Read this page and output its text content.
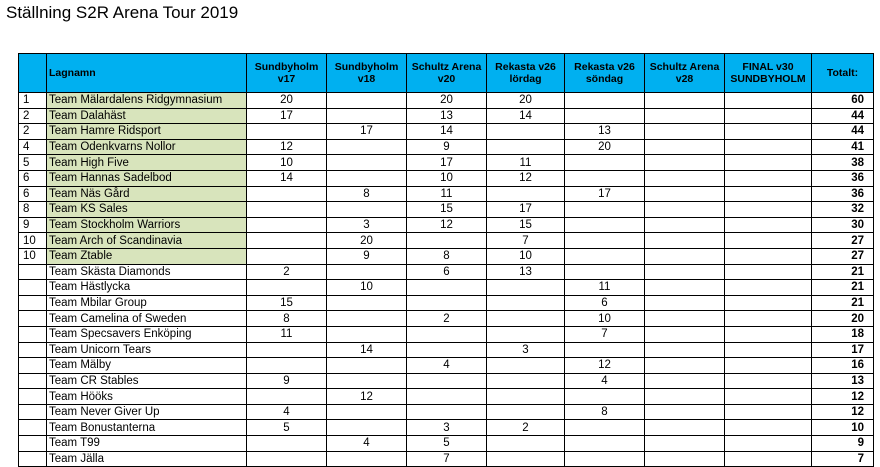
Ställning S2R Arena Tour 2019
	Lagnamn	Sundbyholm v17	Sundbyholm v18	Schultz Arena v20	Rekasta v26 lördag	Rekasta v26 söndag	Schultz Arena v28	FINAL v30 SUNDBYHOLM	Totalt:
1	Team Mälardalens Ridgymnasium	20		20	20				60
2	Team Dalahäst	17		13	14				44
2	Team Hamre Ridsport		17	14		13			44
4	Team Odenkvarns Nollor	12		9		20			41
5	Team High Five	10		17	11				38
6	Team Hannas Sadelbod	14		10	12				36
6	Team Näs Gård		8	11		17			36
8	Team KS Sales			15	17				32
9	Team Stockholm Warriors		3	12	15				30
10	Team Arch of Scandinavia		20		7				27
10	Team Ztable		9	8	10				27
	Team Skästa Diamonds	2		6	13				21
	Team Hästlycka		10			11			21
	Team Mbilar Group	15				6			21
	Team Camelina of Sweden	8		2		10			20
	Team Specsavers Enköping	11				7			18
	Team Unicorn Tears		14		3				17
	Team Mälby			4		12			16
	Team CR Stables	9				4			13
	Team Hööks		12						12
	Team Never Giver Up	4				8			12
	Team Bonustanterna	5		3	2				10
	Team T99		4	5					9
	Team Jälla			7					7
